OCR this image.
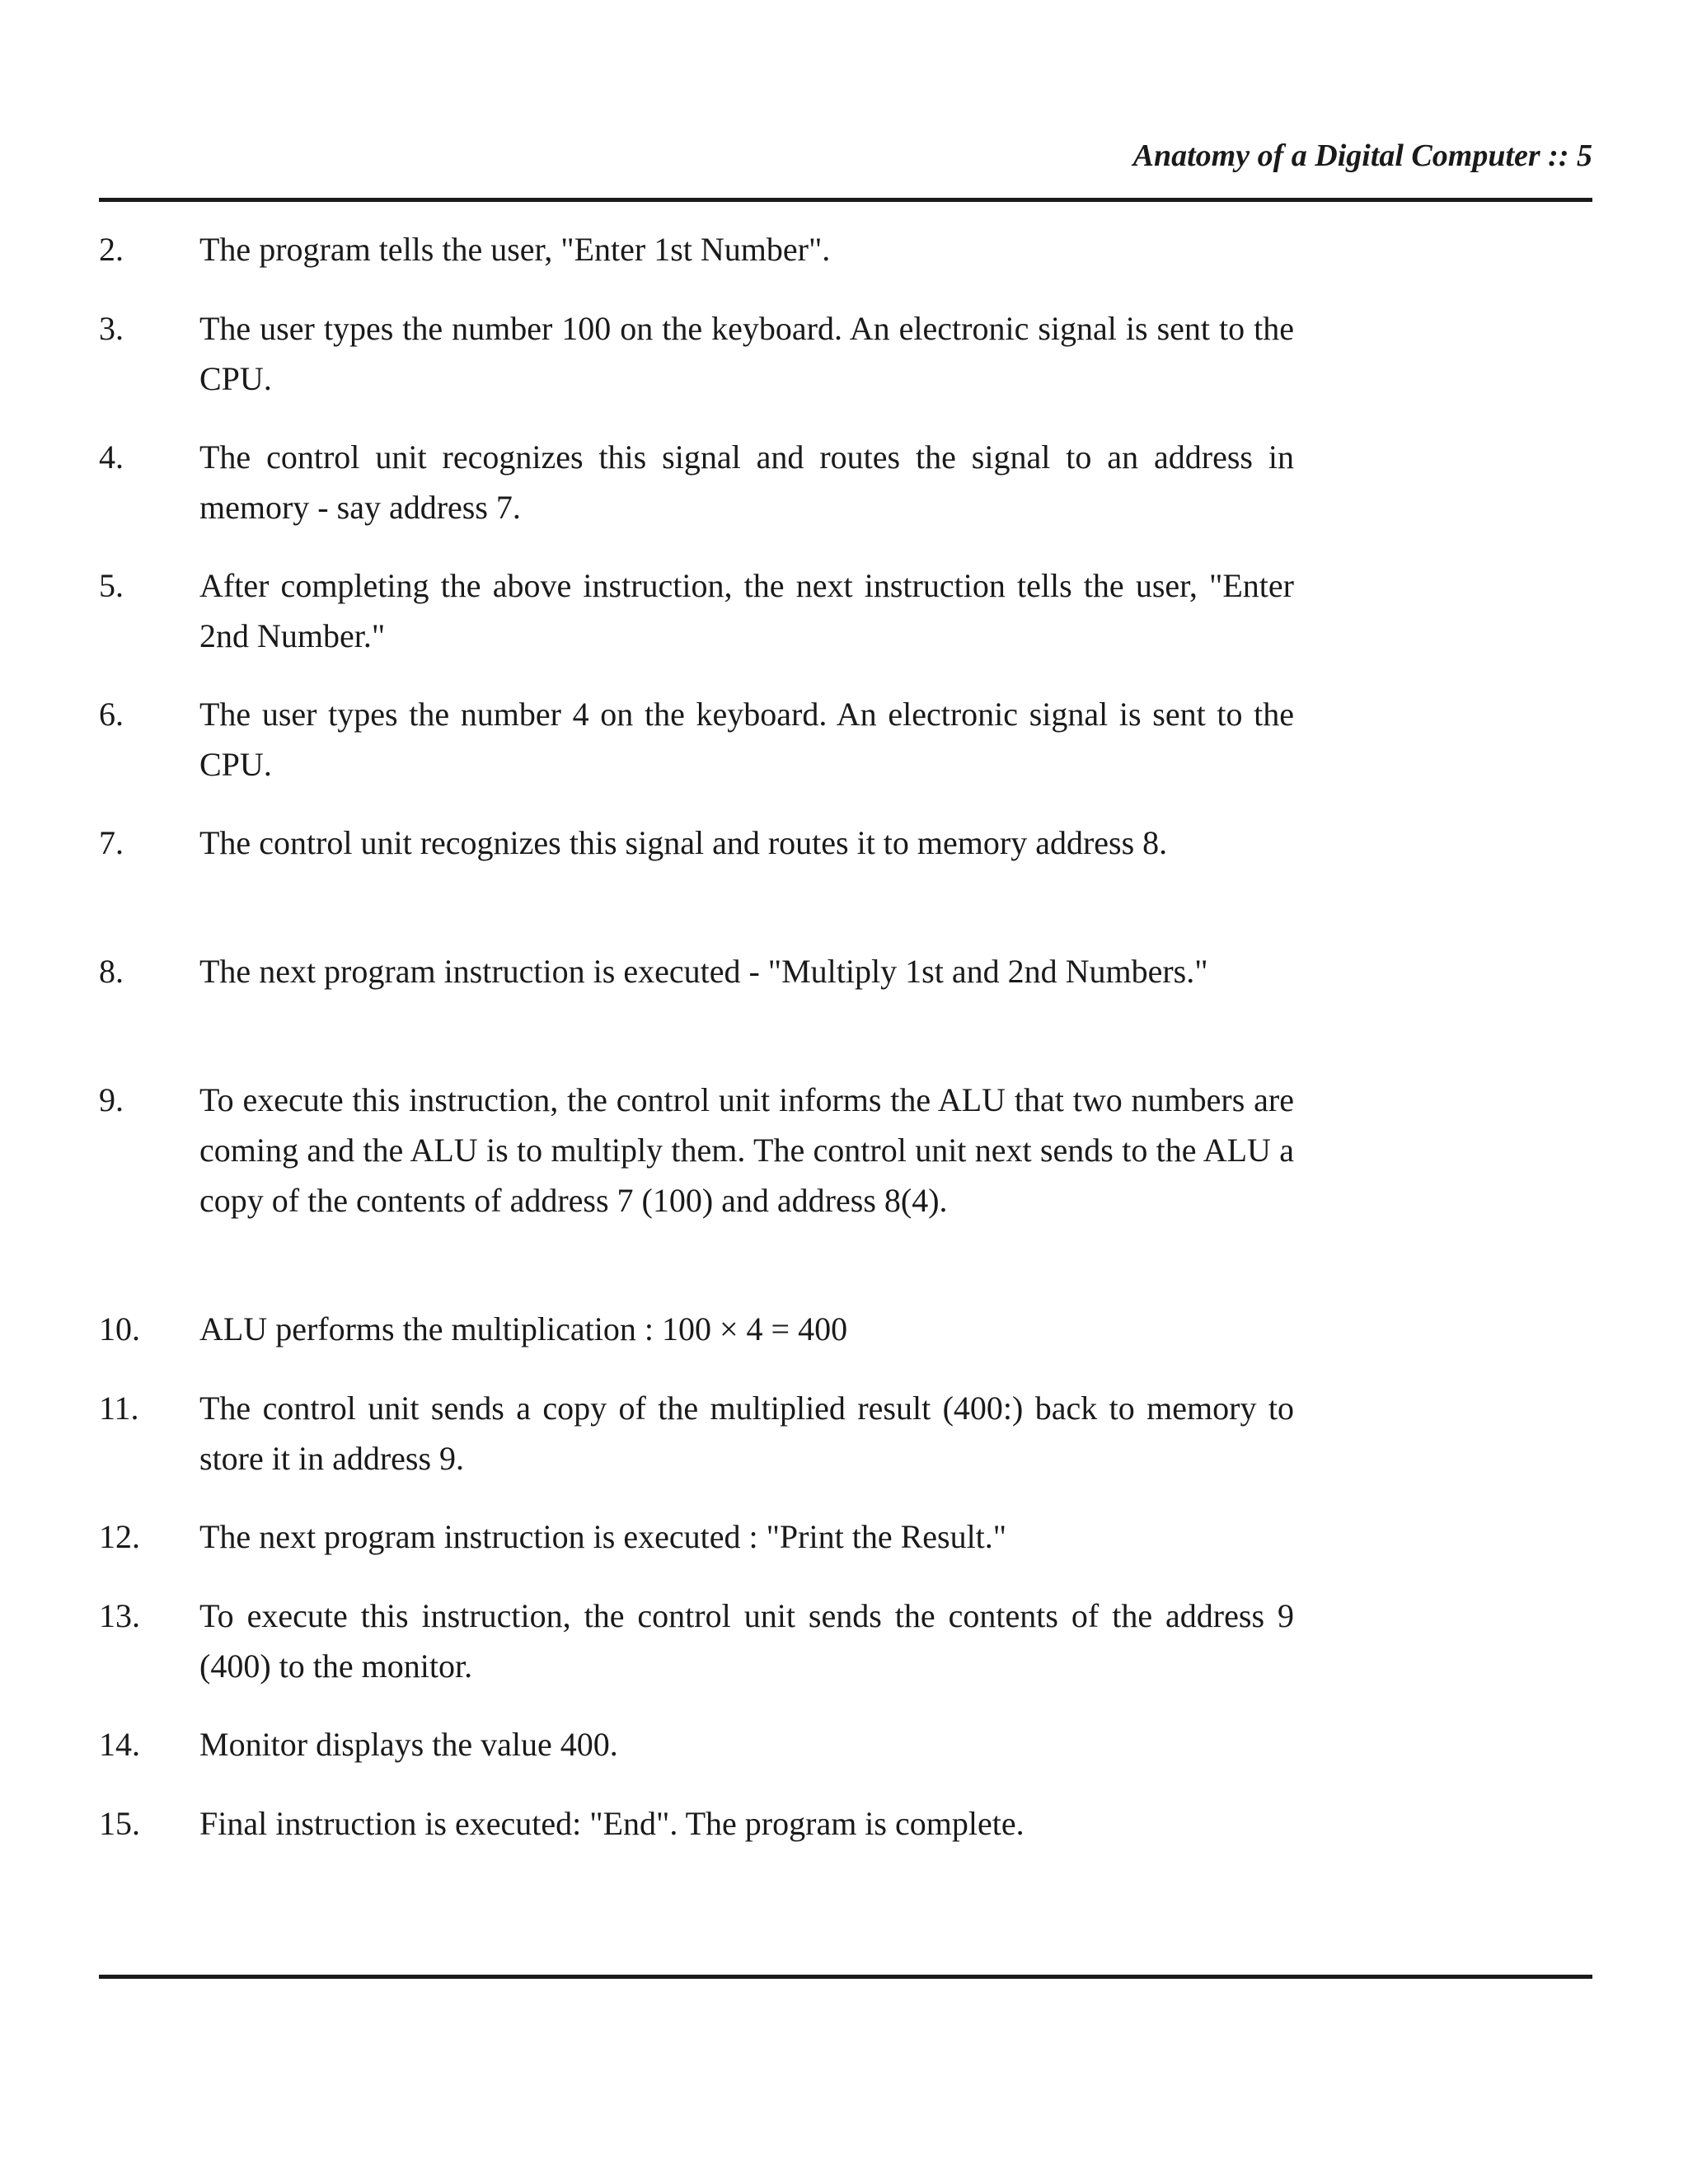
Anatomy of a Digital Computer :: 5
2.	The program tells the user, "Enter 1st Number".
3.	The user types the number 100 on the keyboard. An electronic signal is sent to the CPU.
4.	The control unit recognizes this signal and routes the signal to an address in memory - say address 7.
5.	After completing the above instruction, the next instruction tells the user, "Enter 2nd Number."
6.	The user types the number 4 on the keyboard. An electronic signal is sent to the CPU.
7.	The control unit recognizes this signal and routes it to memory address 8.
8.	The next program instruction is executed - "Multiply 1st and 2nd Numbers."
9.	To execute this instruction, the control unit informs the ALU that two numbers are coming and the ALU is to multiply them. The control unit next sends to the ALU a copy of the contents of address 7 (100) and address 8(4).
10.	ALU performs the multiplication : 100 × 4 = 400
11.	The control unit sends a copy of the multiplied result (400:) back to memory to store it in address 9.
12.	The next program instruction is executed : "Print the Result."
13.	To execute this instruction, the control unit sends the contents of the address 9 (400) to the monitor.
14.	Monitor displays the value 400.
15.	Final instruction is executed: "End". The program is complete.
